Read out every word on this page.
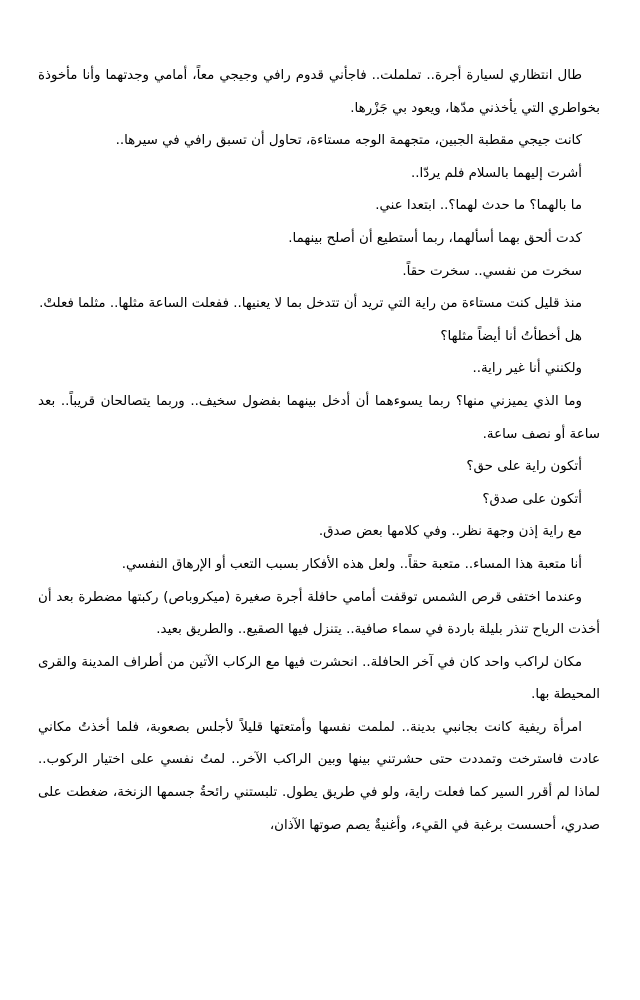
طال انتظاري لسيارة أجرة.. تململت.. فاجأني قدوم رافي وجيجي معاً، أمامي وجدتهما وأنا مأخوذة بخواطري التي يأخذني مدّها، ويعود بي جَزْرها.

كانت جيجي مقطبة الجبين، متجهمة الوجه مستاءة، تحاول أن تسبق رافي في سيرها..

أشرت إليهما بالسلام فلم يردّا..

ما بالهما؟ ما حدث لهما؟.. ابتعدا عني.

كدت ألحق بهما أسألهما، ربما أستطيع أن أصلح بينهما.

سخرت من نفسي.. سخرت حقاً.

منذ قليل كنت مستاءة من راية التي تريد أن تتدخل بما لا يعنيها.. ففعلت الساعة مثلها.. مثلما فعلتْ.

هل أخطأتُ أنا أيضاً مثلها؟

ولكنني أنا غير راية..

وما الذي يميزني منها؟ ربما يسوءهما أن أدخل بينهما بفضول سخيف.. وربما يتصالحان قريباً.. بعد ساعة أو نصف ساعة.

أتكون راية على حق؟

أتكون على صدق؟

مع راية إذن وجهة نظر.. وفي كلامها بعض صدق.

أنا متعبة هذا المساء.. متعبة حقاً.. ولعل هذه الأفكار بسبب التعب أو الإرهاق النفسي.

وعندما اختفى قرص الشمس توقفت أمامي حافلة أجرة صغيرة (ميكروباص) ركبتها مضطرة بعد أن أخذت الرياح تنذر بليلة باردة في سماء صافية.. يتنزل فيها الصقيع.. والطريق بعيد.

مكان لراكب واحد كان في آخر الحافلة.. انحشرت فيها مع الركاب الآتين من أطراف المدينة والقرى المحيطة بها.

امرأة ريفية كانت بجانبي بدينة.. لملمت نفسها وأمتعتها قليلاً لأجلس بصعوبة، فلما أخذتُ مكاني عادت فاسترخت وتمددت حتى حشرتني بينها وبين الراكب الآخر.. لمتُ نفسي على اختيار الركوب.. لماذا لم أقرر السير كما فعلت راية، ولو في طريق يطول. تلبستني رائحةُ جسمها الزنخة، ضغطت على صدري، أحسست برغبة في القيء، وأغنيةٌ يصم صوتها الآذان،
